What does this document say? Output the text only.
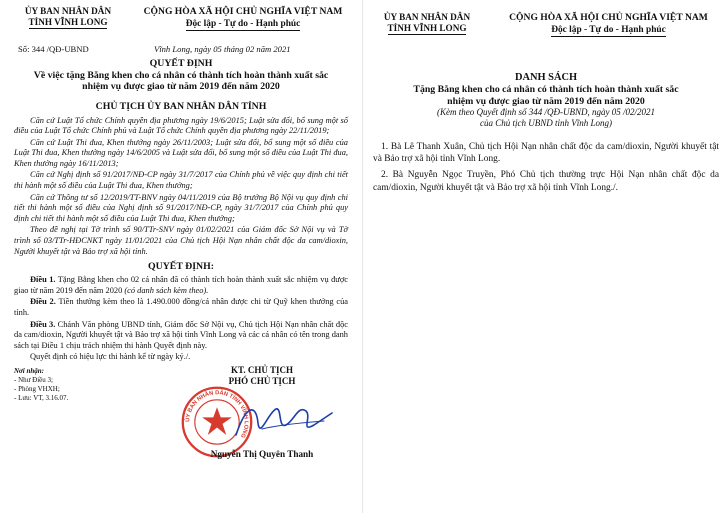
ỦY BAN NHÂN DÂN
TỈNH VĨNH LONG
CỘNG HÒA XÃ HỘI CHỦ NGHĨA VIỆT NAM
Độc lập - Tự do - Hạnh phúc
Số: 344 /QĐ-UBND	Vĩnh Long, ngày 05 tháng 02 năm 2021
QUYẾT ĐỊNH
Về việc tặng Bằng khen cho cá nhân có thành tích hoàn thành xuất sắc
nhiệm vụ được giao từ năm 2019 đến năm 2020
CHỦ TỊCH ỦY BAN NHÂN DÂN TỈNH

Căn cứ Luật Tổ chức Chính quyền địa phương ngày 19/6/2015; Luật sửa đổi, bổ sung một số điều của Luật Tổ chức Chính phủ và Luật Tổ chức Chính quyền địa phương ngày 22/11/2019;

Căn cứ Luật Thi đua, Khen thưởng ngày 26/11/2003; Luật sửa đổi, bổ sung một số điều của Luật Thi đua, Khen thưởng ngày 14/6/2005 và Luật sửa đổi, bổ sung một số điều của Luật Thi đua, Khen thưởng ngày 16/11/2013;

Căn cứ Nghị định số 91/2017/NĐ-CP ngày 31/7/2017 của Chính phủ về việc quy định chi tiết thi hành một số điều của Luật Thi đua, Khen thưởng;

Căn cứ Thông tư số 12/2019/TT-BNV ngày 04/11/2019 của Bộ trưởng Bộ Nội vụ quy định chi tiết thi hành một số điều của Nghị định số 91/2017/NĐ-CP, ngày 31/7/2017 của Chính phủ quy định chi tiết thi hành một số điều của Luật Thi đua, Khen thưởng;

Theo đề nghị tại Tờ trình số 90/TTr-SNV ngày 01/02/2021 của Giám đốc Sở Nội vụ và Tờ trình số 03/TTr-HĐCNKT ngày 11/01/2021 của Chủ tịch Hội Nạn nhân chất độc da cam/dioxin, Người khuyết tật và Bảo trợ xã hội tỉnh.

QUYẾT ĐỊNH:

Điều 1. Tặng Bằng khen cho 02 cá nhân đã có thành tích hoàn thành xuất sắc nhiệm vụ được giao từ năm 2019 đến năm 2020 (có danh sách kèm theo).

Điều 2. Tiền thưởng kèm theo là 1.490.000 đồng/cá nhân được chi từ Quỹ khen thưởng của tỉnh.

Điều 3. Chánh Văn phòng UBND tỉnh, Giám đốc Sở Nội vụ, Chủ tịch Hội Nạn nhân chất độc da cam/dioxin, Người khuyết tật và Bảo trợ xã hội tỉnh Vĩnh Long và các cá nhân có tên trong danh sách tại Điều 1 chịu trách nhiệm thi hành Quyết định này.

Quyết định có hiệu lực thi hành kể từ ngày ký./.

Nơi nhận:
- Như Điều 3;
- Phòng VHXH;
- Lưu: VT, 3.16.07.
KT. CHỦ TỊCH
PHÓ CHỦ TỊCH
ỦY BAN NHÂN DÂN TỈNH VĨNH LONG
Nguyễn Thị Quyên Thanh
ỦY BAN NHÂN DÂN
TỈNH VĨNH LONG
CỘNG HÒA XÃ HỘI CHỦ NGHĨA VIỆT NAM
Độc lập - Tự do - Hạnh phúc
DANH SÁCH
Tặng Bằng khen cho cá nhân có thành tích hoàn thành xuất sắc
nhiệm vụ được giao từ năm 2019 đến năm 2020
(Kèm theo Quyết định số 344 /QĐ-UBND, ngày 05 /02/2021
của Chủ tịch UBND tỉnh Vĩnh Long)
1. Bà Lê Thanh Xuân, Chủ tịch Hội Nạn nhân chất độc da cam/dioxin, Người khuyết tật và Bảo trợ xã hội tỉnh Vĩnh Long.
2. Bà Nguyễn Ngọc Truyền, Phó Chủ tịch thường trực Hội Nạn nhân chất độc da cam/dioxin, Người khuyết tật và Bảo trợ xã hội tỉnh Vĩnh Long./.
